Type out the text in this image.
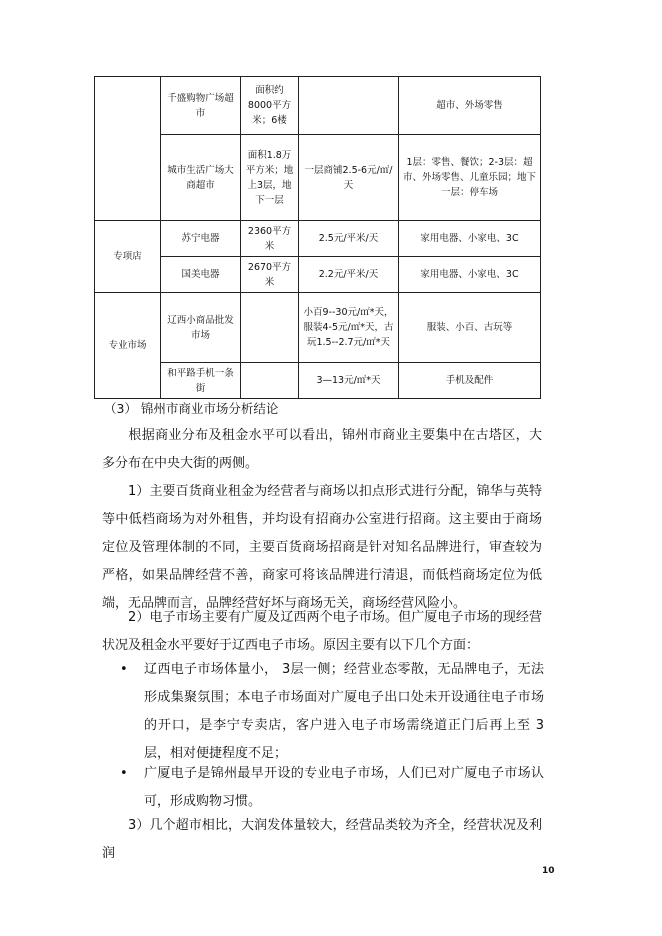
	千盛购物广场超市	面积约8000平方米；6楼		超市、外场零售
	城市生活广场大商超市	面积1.8万平方米；地上3层，地下一层	一层商铺2.5-6元/㎡/天	1层：零售、餐饮；2-3层：超市、外场零售、儿童乐园；地下一层：停车场
专项店	苏宁电器	2360平方米	2.5元/平米/天	家用电器、小家电、3C
	国美电器	2670平方米	2.2元/平米/天	家用电器、小家电、3C
专业市场	辽西小商品批发市场		小百9--30元/㎡*天，服装4-5元/㎡*天，古玩1.5--2.7元/㎡*天	服装、小百、古玩等
	和平路手机一条街		3—13元/㎡*天	手机及配件

（3） 锦州市商业市场分析结论

根据商业分布及租金水平可以看出，锦州市商业主要集中在古塔区，大多分布在中央大街的两侧。

1）主要百货商业租金为经营者与商场以扣点形式进行分配，锦华与英特等中低档商场为对外租售，并均设有招商办公室进行招商。这主要由于商场定位及管理体制的不同，主要百货商场招商是针对知名品牌进行，审查较为严格，如果品牌经营不善，商家可将该品牌进行清退，而低档商场定位为低端，无品牌而言，品牌经营好坏与商场无关，商场经营风险小。

2）电子市场主要有广厦及辽西两个电子市场。但广厦电子市场的现经营状况及租金水平要好于辽西电子市场。原因主要有以下几个方面：

•	辽西电子市场体量小， 3层一侧；经营业态零散，无品牌电子，无法形成集聚氛围；本电子市场面对广厦电子出口处未开设通往电子市场的开口，是李宁专卖店，客户进入电子市场需绕道正门后再上至 3层，相对便捷程度不足；
•	广厦电子是锦州最早开设的专业电子市场，人们已对广厦电子市场认可，形成购物习惯。

3）几个超市相比，大润发体量较大，经营品类较为齐全，经营状况及利润

10
